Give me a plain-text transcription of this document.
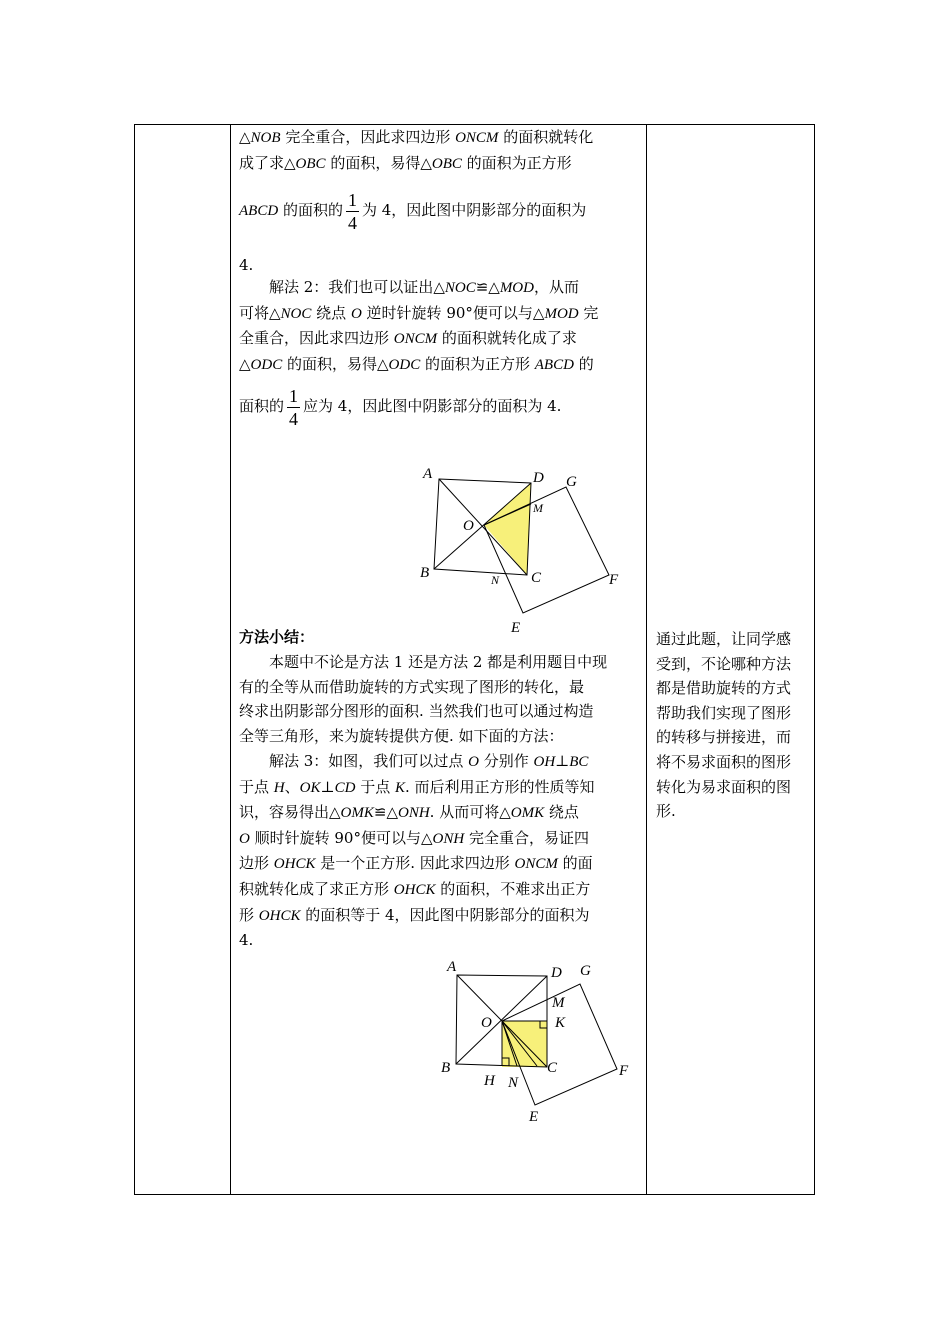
△NOB 完全重合，因此求四边形 ONCM 的面积就转化

成了求△OBC 的面积，易得△OBC 的面积为正方形

ABCD 的面积的 $\frac{1}{4}$ 为 4，因此图中阴影部分的面积为

4.

解法 2：我们也可以证出△NOC≌△MOD，从而

可将△NOC 绕点 O 逆时针旋转 90°便可以与△MOD 完

全重合，因此求四边形 ONCM 的面积就转化成了求

△ODC 的面积，易得△ODC 的面积为正方形 ABCD 的

面积的 $\frac{1}{4}$ 应为 4，因此图中阴影部分的面积为 4.

A	D G
M
O
B	N C	F
E

方法小结：

本题中不论是方法 1 还是方法 2 都是利用题目中现

有的全等从而借助旋转的方式实现了图形的转化，最

终求出阴影部分图形的面积. 当然我们也可以通过构造

全等三角形，来为旋转提供方便. 如下面的方法：

解法 3：如图，我们可以过点 O 分别作 OH⊥BC

于点 H、OK⊥CD 于点 K. 而后利用正方形的性质等知

识，容易得出△OMK≌△ONH. 从而可将△OMK 绕点

O 顺时针旋转 90°便可以与△ONH 完全重合，易证四

边形 OHCK 是一个正方形. 因此求四边形 ONCM 的面

积就转化成了求正方形 OHCK 的面积，不难求出正方

形 OHCK 的面积等于 4，因此图中阴影部分的面积为

4.

A	D G
M
O	K
B	C
H N
F
E

通过此题，让同学感

受到，不论哪种方法

都是借助旋转的方式

帮助我们实现了图形

的转移与拼接进，而

将不易求面积的图形

转化为易求面积的图

形.
